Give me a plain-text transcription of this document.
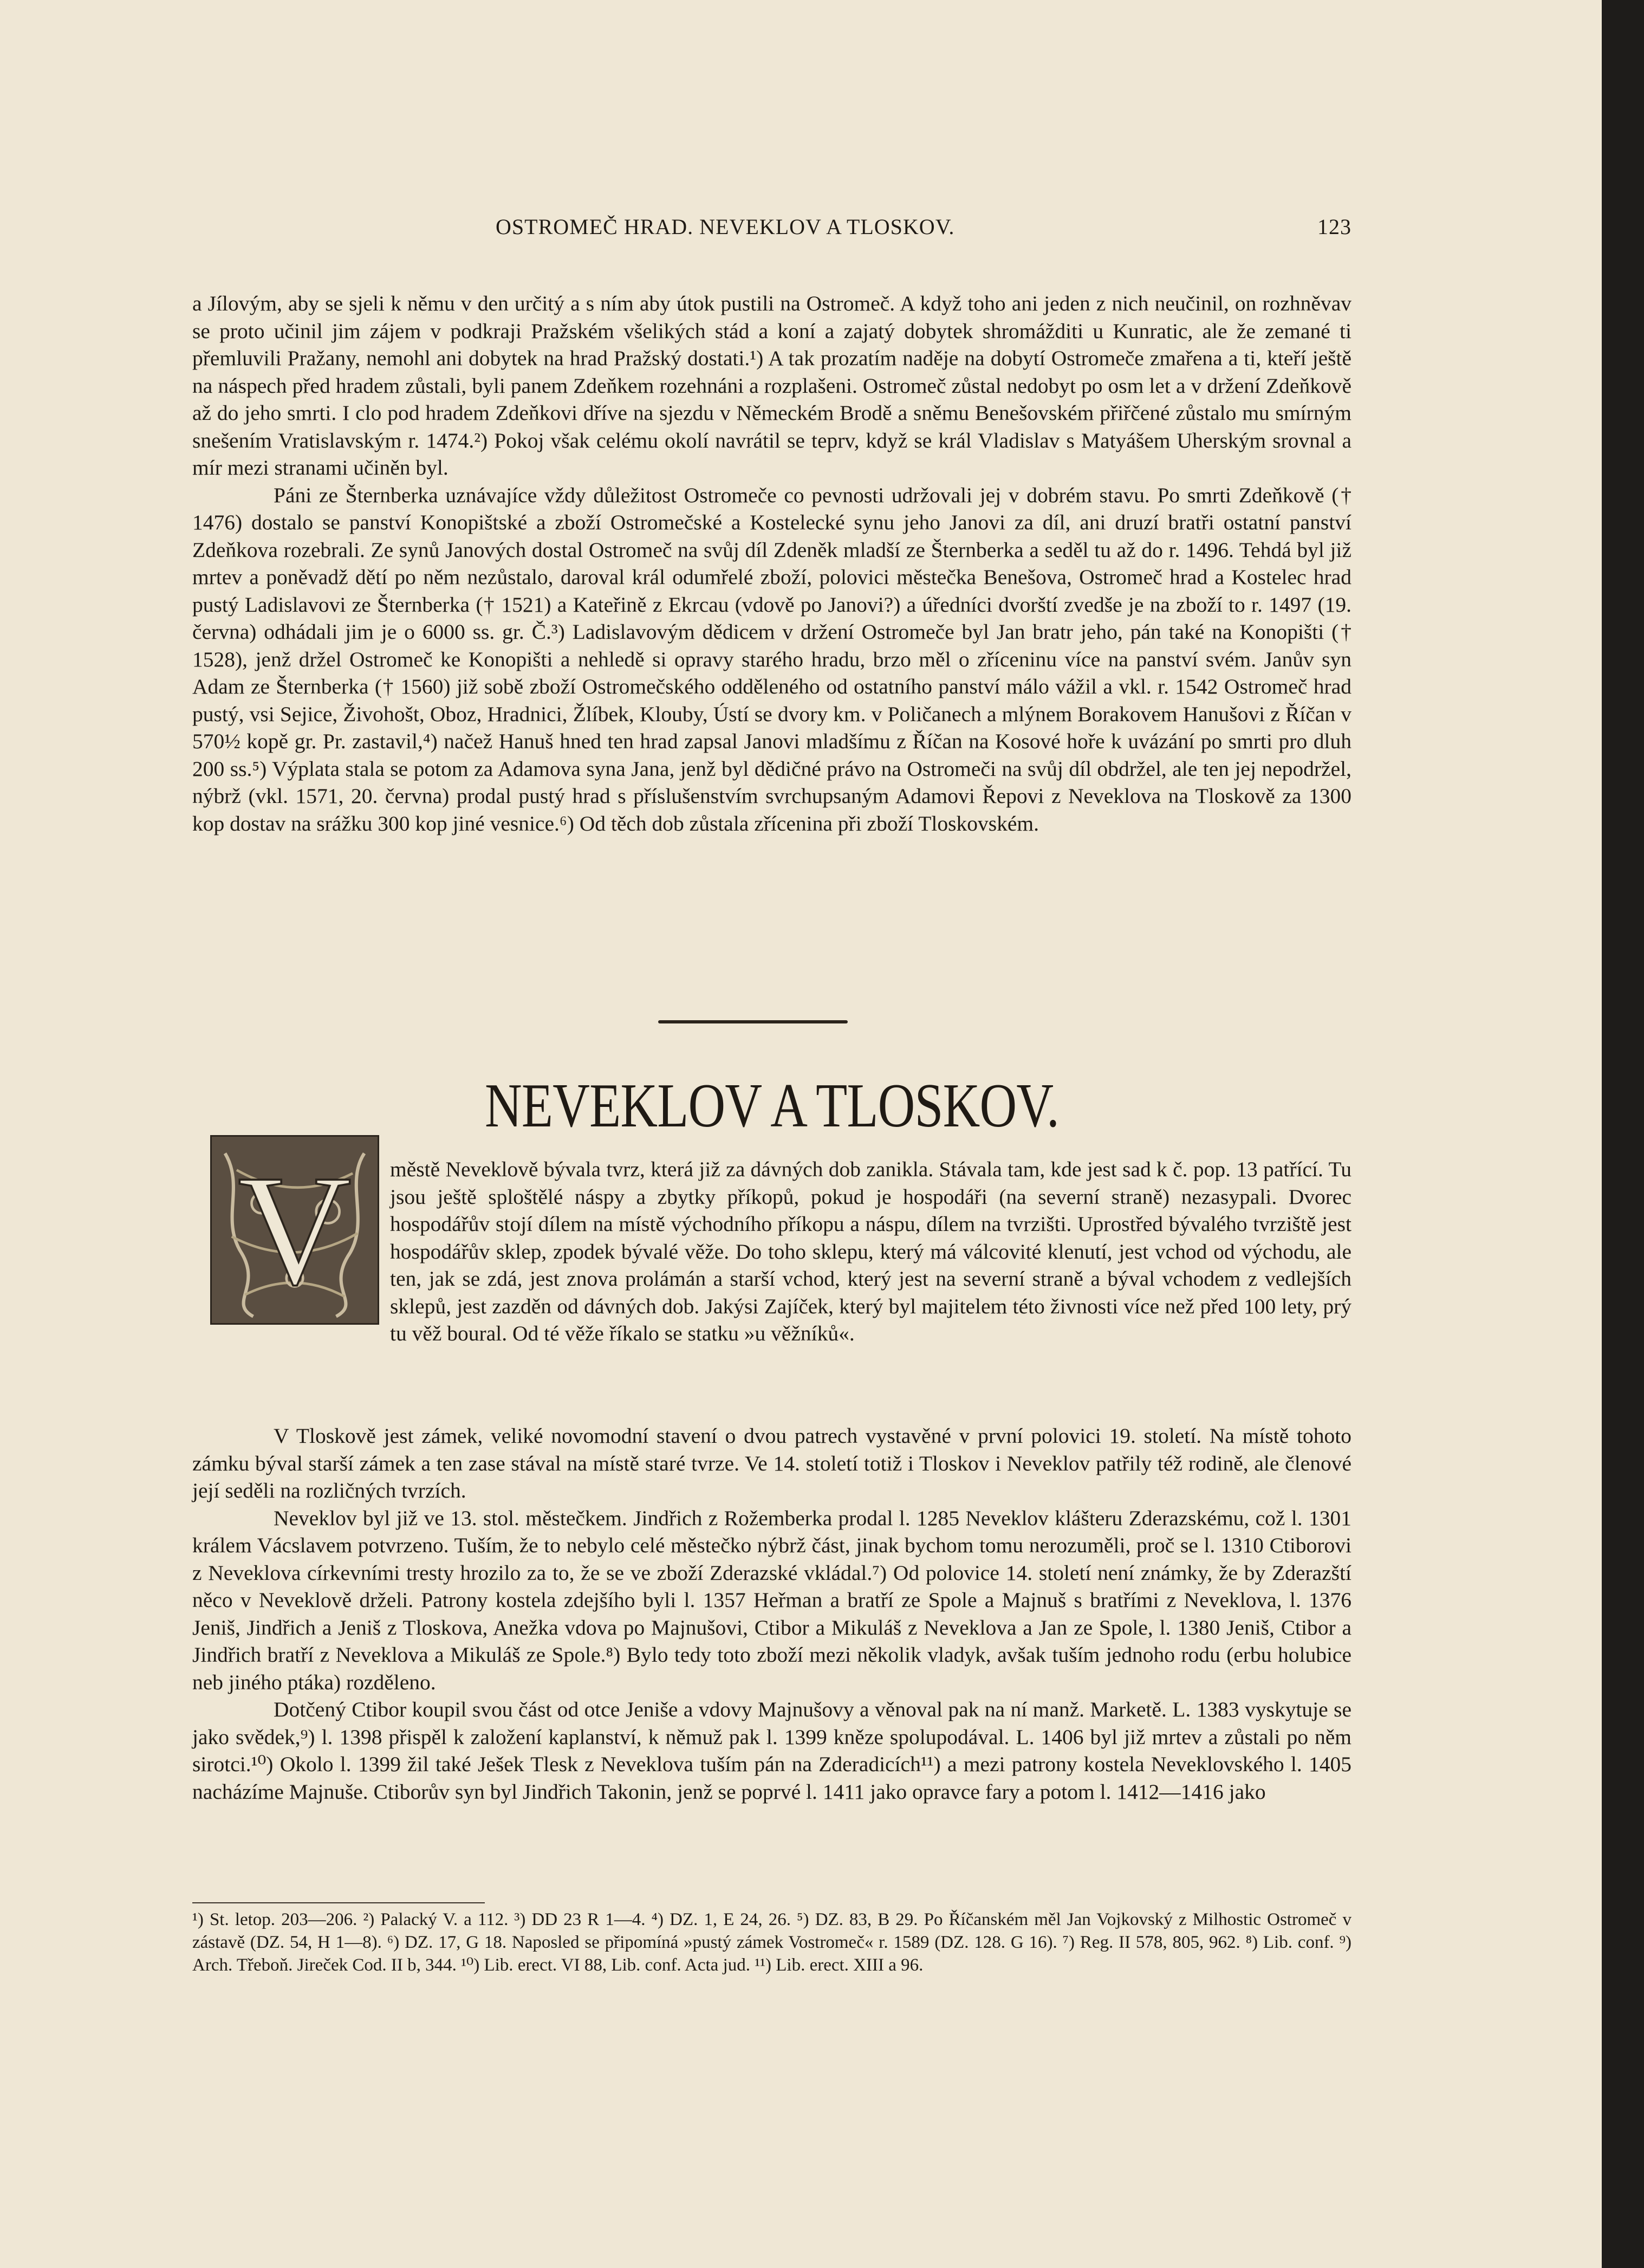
OSTROMEČ HRAD. NEVEKLOV A TLOSKOV.	123

a Jílovým, aby se sjeli k němu v den určitý a s ním aby útok pustili na Ostromeč. A když toho ani jeden z nich neučinil, on rozhněvav se proto učinil jim zájem v podkraji Pražském všelikých stád a koní a zajatý dobytek shromážditi u Kunratic, ale že zemané ti přemluvili Pražany, nemohl ani dobytek na hrad Pražský dostati.¹) A tak prozatím naděje na dobytí Ostromeče zmařena a ti, kteří ještě na náspech před hradem zůstali, byli panem Zdeňkem rozehnáni a rozplašeni. Ostromeč zůstal nedobyt po osm let a v držení Zdeňkově až do jeho smrti. I clo pod hradem Zdeňkovi dříve na sjezdu v Německém Brodě a sněmu Benešovském přiřčené zůstalo mu smírným snešením Vratislavským r. 1474.²) Pokoj však celému okolí navrátil se teprv, když se král Vladislav s Matyášem Uherským srovnal a mír mezi stranami učiněn byl.

Páni ze Šternberka uznávajíce vždy důležitost Ostromeče co pevnosti udržovali jej v dobrém stavu. Po smrti Zdeňkově († 1476) dostalo se panství Konopištské a zboží Ostromečské a Kostelecké synu jeho Janovi za díl, ani druzí bratři ostatní panství Zdeňkova rozebrali. Ze synů Janových dostal Ostromeč na svůj díl Zdeněk mladší ze Šternberka a seděl tu až do r. 1496. Tehdá byl již mrtev a poněvadž dětí po něm nezůstalo, daroval král odumřelé zboží, polovici městečka Benešova, Ostromeč hrad a Kostelec hrad pustý Ladislavovi ze Šternberka († 1521) a Kateřině z Ekrcau (vdově po Janovi?) a úředníci dvorští zvedše je na zboží to r. 1497 (19. června) odhádali jim je o 6000 ss. gr. Č.³) Ladislavovým dědicem v držení Ostromeče byl Jan bratr jeho, pán také na Konopišti († 1528), jenž držel Ostromeč ke Konopišti a nehledě si opravy starého hradu, brzo měl o zříceninu více na panství svém. Janův syn Adam ze Šternberka († 1560) již sobě zboží Ostromečského odděleného od ostatního panství málo vážil a vkl. r. 1542 Ostromeč hrad pustý, vsi Sejice, Živohošt, Oboz, Hradnici, Žlíbek, Klouby, Ústí se dvory km. v Poličanech a mlýnem Borakovem Hanušovi z Říčan v 570½ kopě gr. Pr. zastavil,⁴) načež Hanuš hned ten hrad zapsal Janovi mladšímu z Říčan na Kosové hoře k uvázání po smrti pro dluh 200 ss.⁵) Výplata stala se potom za Adamova syna Jana, jenž byl dědičné právo na Ostromeči na svůj díl obdržel, ale ten jej nepodržel, nýbrž (vkl. 1571, 20. června) prodal pustý hrad s příslušenstvím svrchupsaným Adamovi Řepovi z Neveklova na Tloskově za 1300 kop dostav na srážku 300 kop jiné vesnice.⁶) Od těch dob zůstala zřícenina při zboží Tloskovském.

NEVEKLOV A TLOSKOV.
V městě Neveklově bývala tvrz, která již za dávných dob zanikla. Stávala tam, kde jest sad k č. pop. 13 patřící. Tu jsou ještě sploštělé náspy a zbytky příkopů, pokud je hospodáři (na severní straně) nezasypali. Dvorec hospodářův stojí dílem na místě východního příkopu a náspu, dílem na tvrzišti. Uprostřed bývalého tvrziště jest hospodářův sklep, zpodek bývalé věže. Do toho sklepu, který má válcovité klenutí, jest vchod od východu, ale ten, jak se zdá, jest znova prolámán a starší vchod, který jest na severní straně a býval vchodem z vedlejších sklepů, jest zazděn od dávných dob. Jakýsi Zajíček, který byl majitelem této živnosti více než před 100 lety, prý tu věž boural. Od té věže říkalo se statku »u věžníků«.

V Tloskově jest zámek, veliké novomodní stavení o dvou patrech vystavěné v první polovici 19. století. Na místě tohoto zámku býval starší zámek a ten zase stával na místě staré tvrze. Ve 14. století totiž i Tloskov i Neveklov patřily též rodině, ale členové její seděli na rozličných tvrzích.

Neveklov byl již ve 13. stol. městečkem. Jindřich z Rožemberka prodal l. 1285 Neveklov klášteru Zderazskému, což l. 1301 králem Vácslavem potvrzeno. Tuším, že to nebylo celé městečko nýbrž část, jinak bychom tomu nerozuměli, proč se l. 1310 Ctiborovi z Neveklova církevními tresty hrozilo za to, že se ve zboží Zderazské vkládal.⁷) Od polovice 14. století není známky, že by Zderazští něco v Neveklově drželi. Patrony kostela zdejšího byli l. 1357 Heřman a bratří ze Spole a Majnuš s bratřími z Neveklova, l. 1376 Jeniš, Jindřich a Jeniš z Tloskova, Anežka vdova po Majnušovi, Ctibor a Mikuláš z Neveklova a Jan ze Spole, l. 1380 Jeniš, Ctibor a Jindřich bratří z Neveklova a Mikuláš ze Spole.⁸) Bylo tedy toto zboží mezi několik vladyk, avšak tuším jednoho rodu (erbu holubice neb jiného ptáka) rozděleno.

Dotčený Ctibor koupil svou část od otce Jeniše a vdovy Majnušovy a věnoval pak na ní manž. Marketě. L. 1383 vyskytuje se jako svědek,⁹) l. 1398 přispěl k založení kaplanství, k němuž pak l. 1399 kněze spolupodával. L. 1406 byl již mrtev a zůstali po něm sirotci.¹⁰) Okolo l. 1399 žil také Ješek Tlesk z Neveklova tuším pán na Zderadicích¹¹) a mezi patrony kostela Neveklovského l. 1405 nacházíme Majnuše. Ctiborův syn byl Jindřich Takonin, jenž se poprvé l. 1411 jako opravce fary a potom l. 1412—1416 jako

¹) St. letop. 203—206. ²) Palacký V. a 112. ³) DD 23 R 1—4. ⁴) DZ. 1, E 24, 26. ⁵) DZ. 83, B 29. Po Říčanském měl Jan Vojkovský z Milhostic Ostromeč v zástavě (DZ. 54, H 1—8). ⁶) DZ. 17, G 18. Naposled se připomíná »pustý zámek Vostromeč« r. 1589 (DZ. 128. G 16). ⁷) Reg. II 578, 805, 962. ⁸) Lib. conf. ⁹) Arch. Třeboň. Jireček Cod. II b, 344. ¹⁰) Lib. erect. VI 88, Lib. conf. Acta jud. ¹¹) Lib. erect. XIII a 96.
